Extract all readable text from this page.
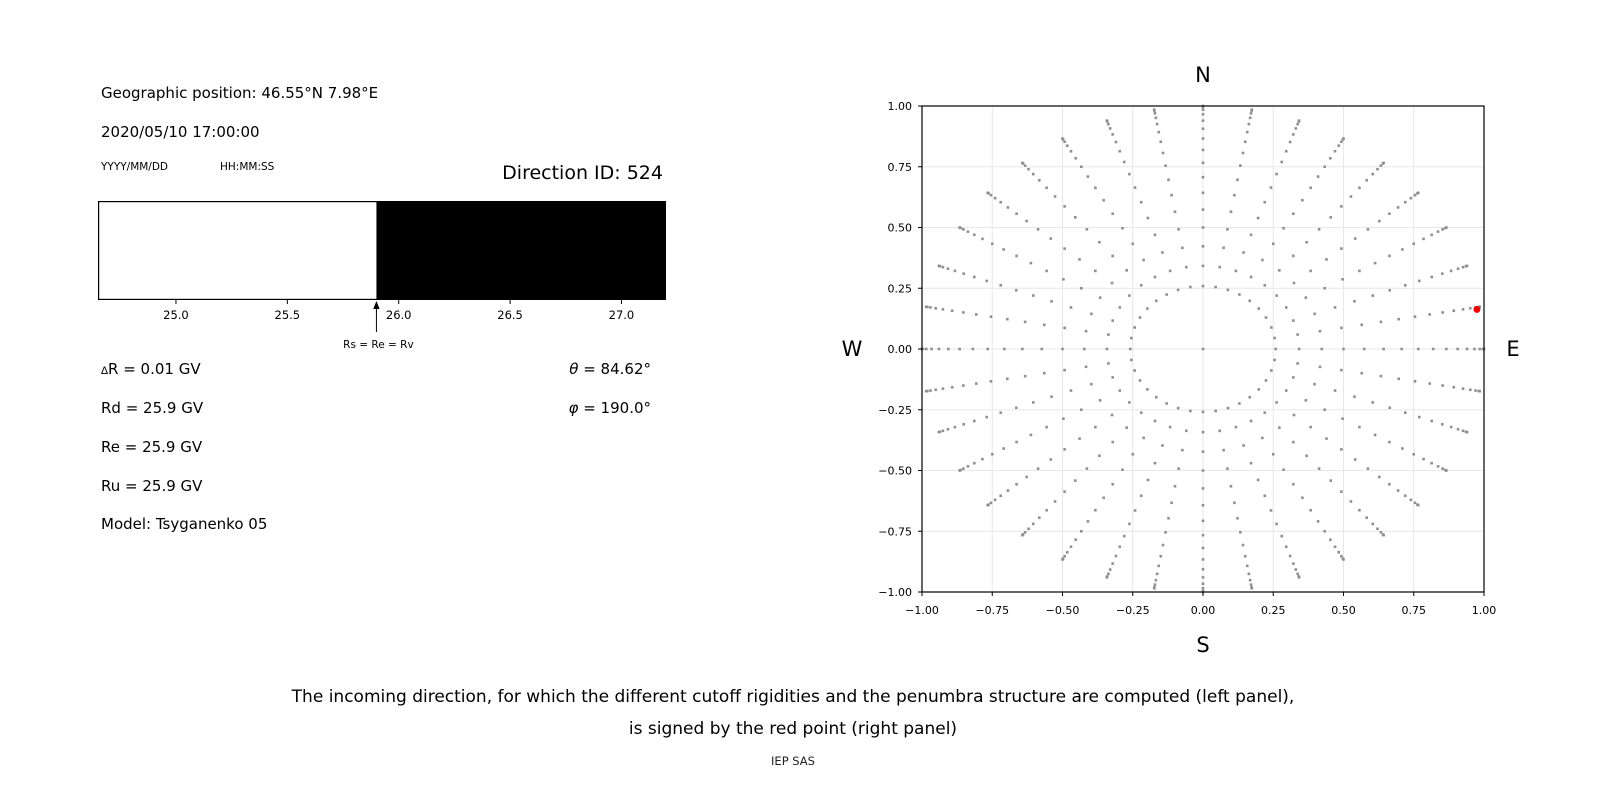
Geographic position: 46.55°N 7.98°E
2020/05/10 17:00:00
YYYY/MM/DD	HH:MM:SS	Direction ID: 524
25.0	25.5	26.0	26.5	27.0
Rs = Re = Rv
∆R = 0.01 GV	θ = 84.62°
Rd = 25.9 GV	φ = 190.0°
Re = 25.9 GV
Ru = 25.9 GV
Model: Tsyganenko 05
−1.00	−0.75	−0.50	−0.25	0.00	0.25	0.50	0.75	1.00
−1.00
−0.75
−0.50
−0.25
0.00
0.25
0.50
0.75
1.00
N
S
W	E
The incoming direction, for which the different cutoff rigidities and the penumbra structure are computed (left panel),
is signed by the red point (right panel)
IEP SAS
